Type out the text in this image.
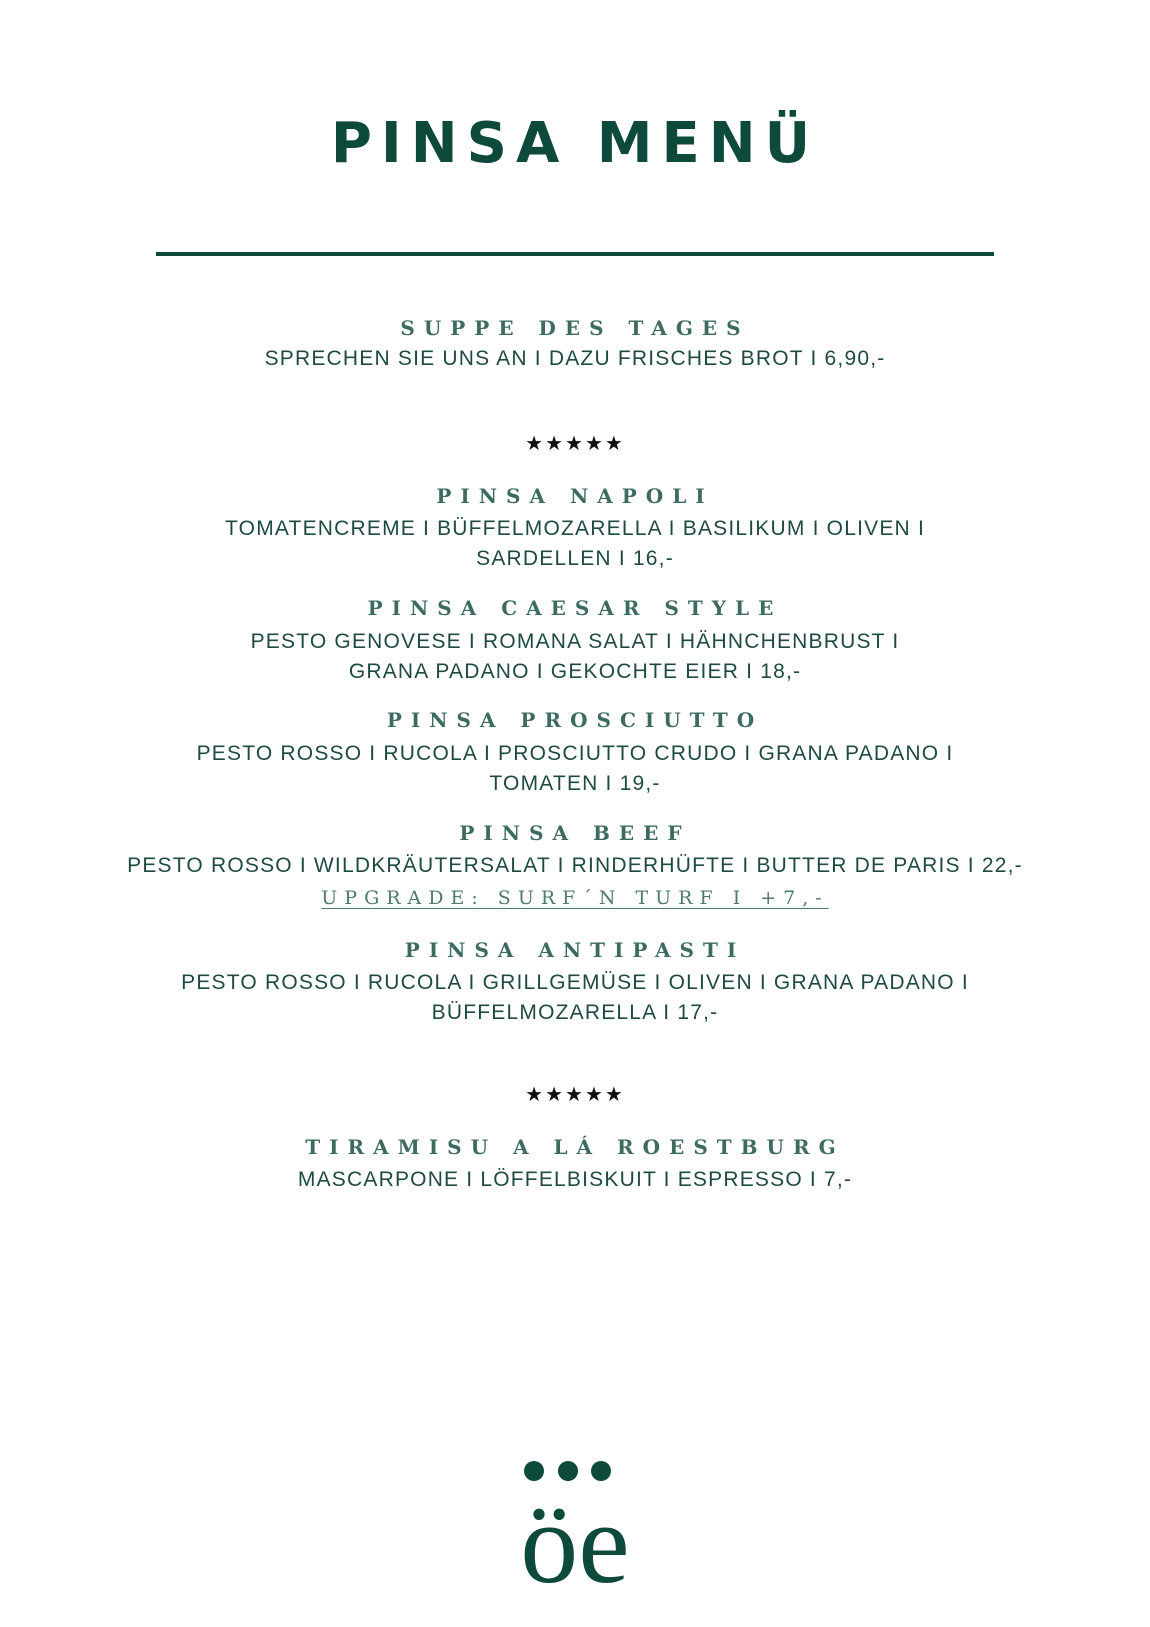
PINSA MENÜ
SUPPE DES TAGES
SPRECHEN SIE UNS AN I DAZU FRISCHES BROT I 6,90,-
★★★★★
PINSA NAPOLI
TOMATENCREME I BÜFFELMOZARELLA I BASILIKUM I OLIVEN I
SARDELLEN I 16,-
PINSA CAESAR STYLE
PESTO GENOVESE I ROMANA SALAT I HÄHNCHENBRUST I
GRANA PADANO I GEKOCHTE EIER I 18,-
PINSA PROSCIUTTO
PESTO ROSSO I RUCOLA I PROSCIUTTO CRUDO I GRANA PADANO I
TOMATEN I 19,-
PINSA BEEF
PESTO ROSSO I WILDKRÄUTERSALAT I RINDERHÜFTE I BUTTER DE PARIS I 22,-
UPGRADE: SURF´N TURF I +7,-
PINSA ANTIPASTI
PESTO ROSSO I RUCOLA I GRILLGEMÜSE I OLIVEN I GRANA PADANO I
BÜFFELMOZARELLA I 17,-
★★★★★
TIRAMISU A LÁ ROESTBURG
MASCARPONE I LÖFFELBISKUIT I ESPRESSO I 7,-
öe
